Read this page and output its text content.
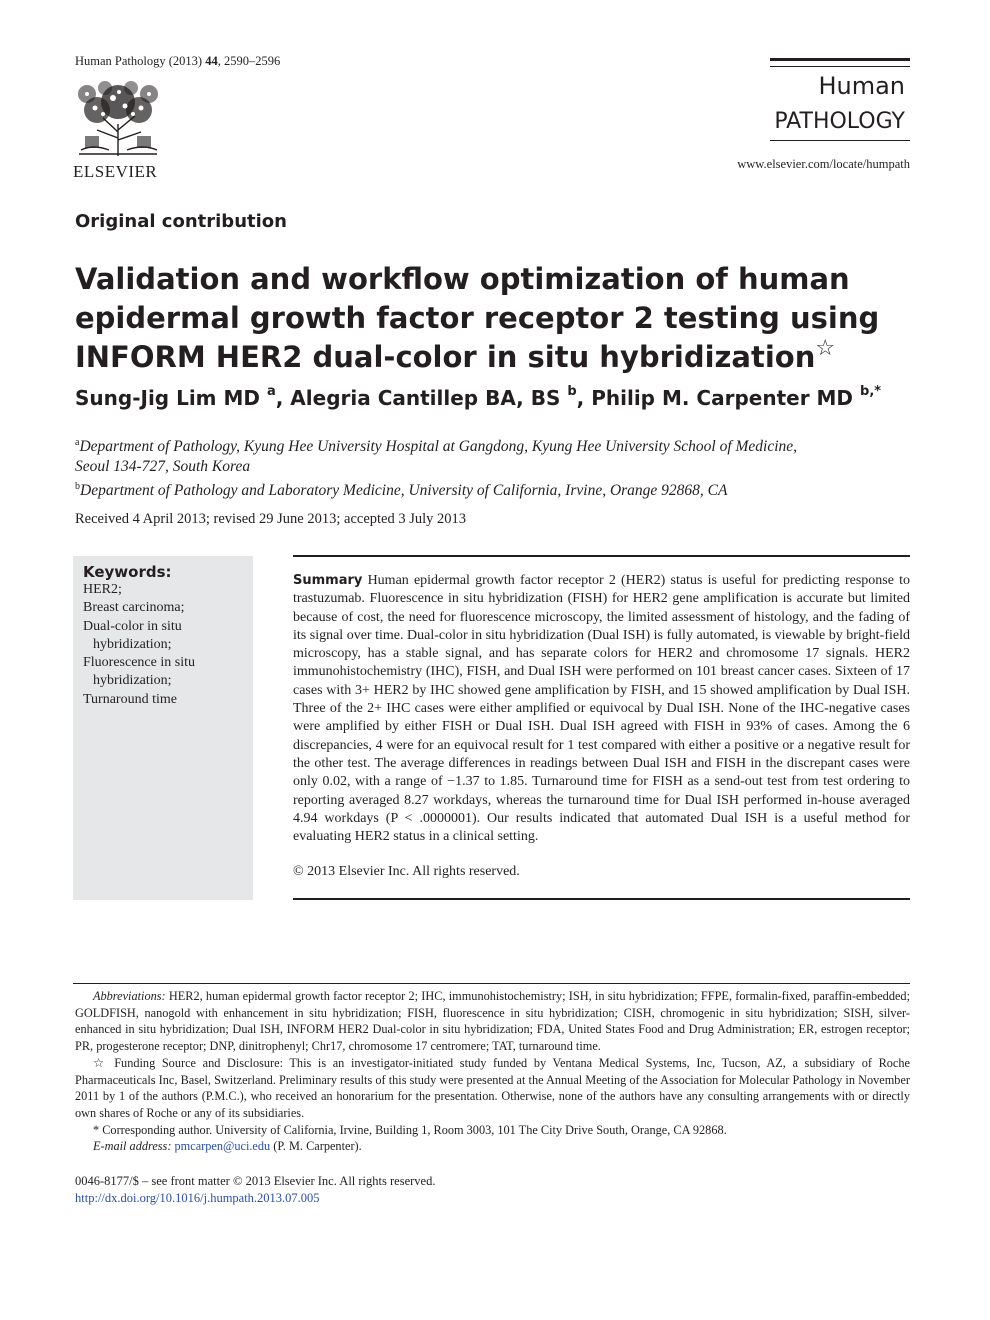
Human Pathology (2013) 44, 2590–2596
ELSEVIER
Human
PATHOLOGY
www.elsevier.com/locate/humpath
Original contribution
Validation and workflow optimization of human epidermal growth factor receptor 2 testing using INFORM HER2 dual-color in situ hybridization☆
Sung-Jig Lim MD $^a$, Alegria Cantillep BA, BS $^b$, Philip M. Carpenter MD $^{b,*}$
$^a$Department of Pathology, Kyung Hee University Hospital at Gangdong, Kyung Hee University School of Medicine,
Seoul 134-727, South Korea
$^b$Department of Pathology and Laboratory Medicine, University of California, Irvine, Orange 92868, CA
Received 4 April 2013; revised 29 June 2013; accepted 3 July 2013
Keywords:
HER2;
Breast carcinoma;
Dual-color in situ hybridization;
Fluorescence in situ hybridization;
Turnaround time
Summary Human epidermal growth factor receptor 2 (HER2) status is useful for predicting response to trastuzumab. Fluorescence in situ hybridization (FISH) for HER2 gene amplification is accurate but limited because of cost, the need for fluorescence microscopy, the limited assessment of histology, and the fading of its signal over time. Dual-color in situ hybridization (Dual ISH) is fully automated, is viewable by bright-field microscopy, has a stable signal, and has separate colors for HER2 and chromosome 17 signals. HER2 immunohistochemistry (IHC), FISH, and Dual ISH were performed on 101 breast cancer cases. Sixteen of 17 cases with 3+ HER2 by IHC showed gene amplification by FISH, and 15 showed amplification by Dual ISH. Three of the 2+ IHC cases were either amplified or equivocal by Dual ISH. None of the IHC-negative cases were amplified by either FISH or Dual ISH. Dual ISH agreed with FISH in 93% of cases. Among the 6 discrepancies, 4 were for an equivocal result for 1 test compared with either a positive or a negative result for the other test. The average differences in readings between Dual ISH and FISH in the discrepant cases were only 0.02, with a range of −1.37 to 1.85. Turnaround time for FISH as a send-out test from test ordering to reporting averaged 8.27 workdays, whereas the turnaround time for Dual ISH performed in-house averaged 4.94 workdays (P < .0000001). Our results indicated that automated Dual ISH is a useful method for evaluating HER2 status in a clinical setting.
© 2013 Elsevier Inc. All rights reserved.

Abbreviations: HER2, human epidermal growth factor receptor 2; IHC, immunohistochemistry; ISH, in situ hybridization; FFPE, formalin-fixed, paraffin-embedded; GOLDFISH, nanogold with enhancement in situ hybridization; FISH, fluorescence in situ hybridization; CISH, chromogenic in situ hybridization; SISH, silver-enhanced in situ hybridization; Dual ISH, INFORM HER2 Dual-color in situ hybridization; FDA, United States Food and Drug Administration; ER, estrogen receptor; PR, progesterone receptor; DNP, dinitrophenyl; Chr17, chromosome 17 centromere; TAT, turnaround time.

☆ Funding Source and Disclosure: This is an investigator-initiated study funded by Ventana Medical Systems, Inc, Tucson, AZ, a subsidiary of Roche Pharmaceuticals Inc, Basel, Switzerland. Preliminary results of this study were presented at the Annual Meeting of the Association for Molecular Pathology in November 2011 by 1 of the authors (P.M.C.), who received an honorarium for the presentation. Otherwise, none of the authors have any consulting arrangements with or directly own shares of Roche or any of its subsidiaries.

* Corresponding author. University of California, Irvine, Building 1, Room 3003, 101 The City Drive South, Orange, CA 92868.

E-mail address: pmcarpen@uci.edu (P. M. Carpenter).

0046-8177/$ – see front matter © 2013 Elsevier Inc. All rights reserved.
http://dx.doi.org/10.1016/j.humpath.2013.07.005
